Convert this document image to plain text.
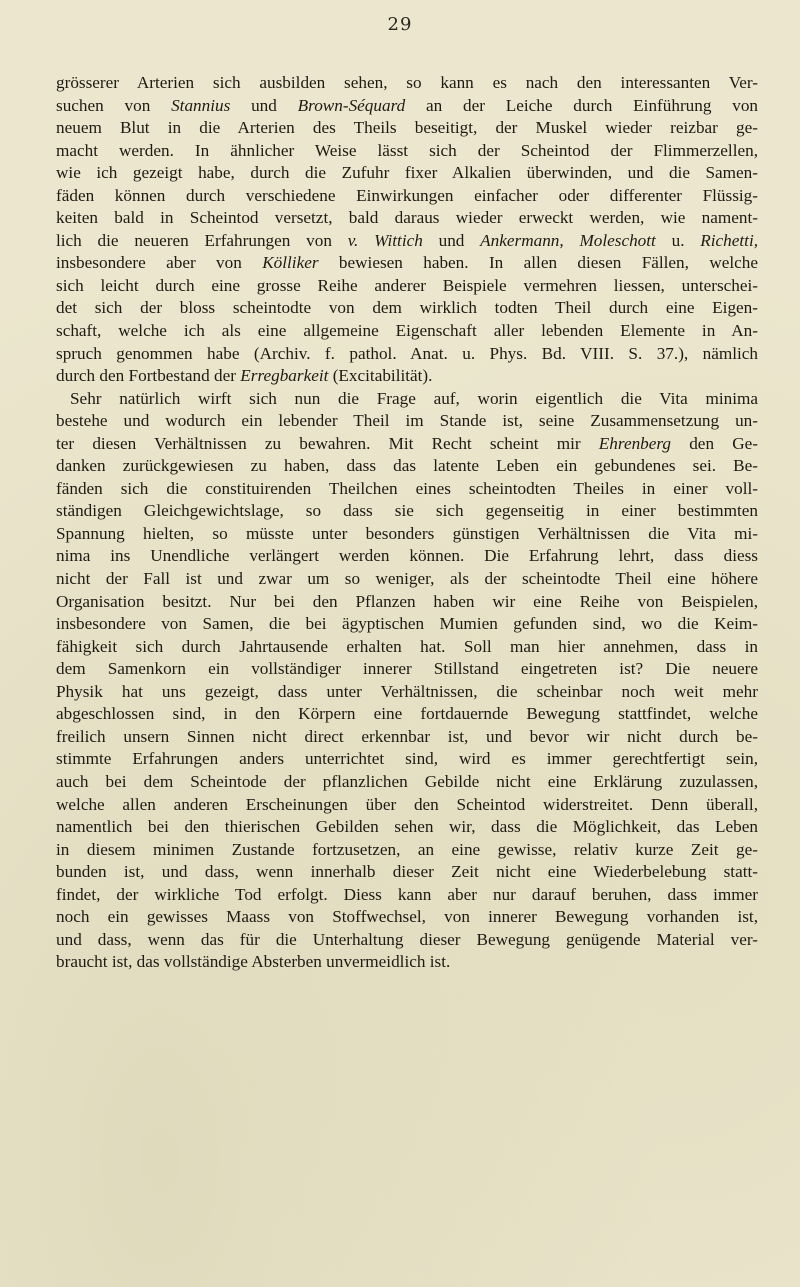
29
grösserer Arterien sich ausbilden sehen, so kann es nach den interessanten Ver-
suchen von Stannius und Brown-Séquard an der Leiche durch Einführung von
neuem Blut in die Arterien des Theils beseitigt, der Muskel wieder reizbar ge-
macht werden. In ähnlicher Weise lässt sich der Scheintod der Flimmerzellen,
wie ich gezeigt habe, durch die Zufuhr fixer Alkalien überwinden, und die Samen-
fäden können durch verschiedene Einwirkungen einfacher oder differenter Flüssig-
keiten bald in Scheintod versetzt, bald daraus wieder erweckt werden, wie nament-
lich die neueren Erfahrungen von v. Wittich und Ankermann, Moleschott u. Richetti,
insbesondere aber von Kölliker bewiesen haben. In allen diesen Fällen, welche
sich leicht durch eine grosse Reihe anderer Beispiele vermehren liessen, unterschei-
det sich der bloss scheintodte von dem wirklich todten Theil durch eine Eigen-
schaft, welche ich als eine allgemeine Eigenschaft aller lebenden Elemente in An-
spruch genommen habe (Archiv. f. pathol. Anat. u. Phys. Bd. VIII. S. 37.), nämlich
durch den Fortbestand der Erregbarkeit (Excitabilität).
Sehr natürlich wirft sich nun die Frage auf, worin eigentlich die Vita minima
bestehe und wodurch ein lebender Theil im Stande ist, seine Zusammensetzung un-
ter diesen Verhältnissen zu bewahren. Mit Recht scheint mir Ehrenberg den Ge-
danken zurückgewiesen zu haben, dass das latente Leben ein gebundenes sei. Be-
fänden sich die constituirenden Theilchen eines scheintodten Theiles in einer voll-
ständigen Gleichgewichtslage, so dass sie sich gegenseitig in einer bestimmten
Spannung hielten, so müsste unter besonders günstigen Verhältnissen die Vita mi-
nima ins Unendliche verlängert werden können. Die Erfahrung lehrt, dass diess
nicht der Fall ist und zwar um so weniger, als der scheintodte Theil eine höhere
Organisation besitzt. Nur bei den Pflanzen haben wir eine Reihe von Beispielen,
insbesondere von Samen, die bei ägyptischen Mumien gefunden sind, wo die Keim-
fähigkeit sich durch Jahrtausende erhalten hat. Soll man hier annehmen, dass in
dem Samenkorn ein vollständiger innerer Stillstand eingetreten ist? Die neuere
Physik hat uns gezeigt, dass unter Verhältnissen, die scheinbar noch weit mehr
abgeschlossen sind, in den Körpern eine fortdauernde Bewegung stattfindet, welche
freilich unsern Sinnen nicht direct erkennbar ist, und bevor wir nicht durch be-
stimmte Erfahrungen anders unterrichtet sind, wird es immer gerechtfertigt sein,
auch bei dem Scheintode der pflanzlichen Gebilde nicht eine Erklärung zuzulassen,
welche allen anderen Erscheinungen über den Scheintod widerstreitet. Denn überall,
namentlich bei den thierischen Gebilden sehen wir, dass die Möglichkeit, das Leben
in diesem minimen Zustande fortzusetzen, an eine gewisse, relativ kurze Zeit ge-
bunden ist, und dass, wenn innerhalb dieser Zeit nicht eine Wiederbelebung statt-
findet, der wirkliche Tod erfolgt. Diess kann aber nur darauf beruhen, dass immer
noch ein gewisses Maass von Stoffwechsel, von innerer Bewegung vorhanden ist,
und dass, wenn das für die Unterhaltung dieser Bewegung genügende Material ver-
braucht ist, das vollständige Absterben unvermeidlich ist.
